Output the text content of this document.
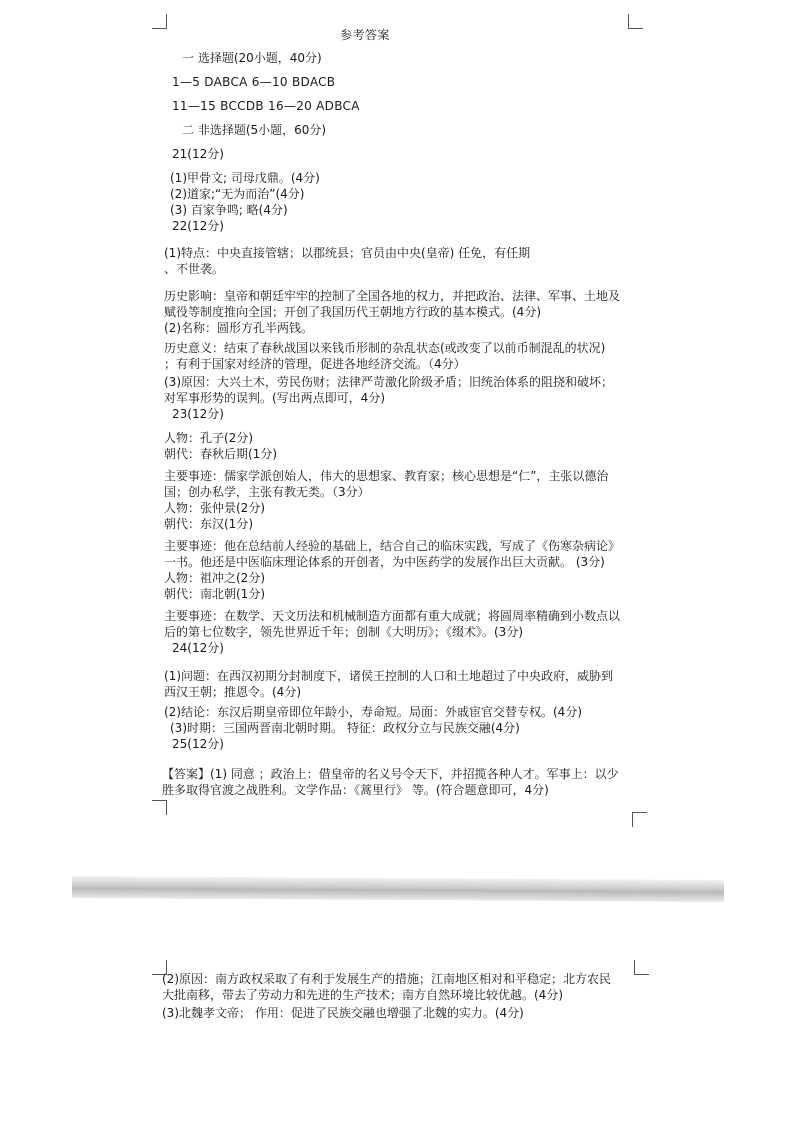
参考答案
一 选择题(20小题，40分)
1—5 DABCA 6—10 BDACB
11—15 BCCDB 16—20 ADBCA
二 非选择题(5小题，60分)
21(12分)
(1)甲骨文; 司母戊鼎。(4分)
(2)道家;“无为而治”(4分)
(3) 百家争鸣; 略(4分)
22(12分)
(1)特点：中央直接管辖；以郡统县；官员由中央(皇帝) 任免，有任期
、不世袭。
历史影响：皇帝和朝廷牢牢的控制了全国各地的权力，并把政治、法律、军事、土地及
赋役等制度推向全国；开创了我国历代王朝地方行政的基本模式。(4分)
(2)名称：圆形方孔半两钱。
历史意义：结束了春秋战国以来钱币形制的杂乱状态(或改变了以前币制混乱的状况)
；有利于国家对经济的管理，促进各地经济交流。（4分）
(3)原因：大兴土木，劳民伤财；法律严苛激化阶级矛盾；旧统治体系的阻挠和破坏；
对军事形势的误判。(写出两点即可，4分)
23(12分)
人物：孔子(2分)
朝代：春秋后期(1分)
主要事迹：儒家学派创始人，伟大的思想家、教育家；核心思想是“仁”，主张以德治
国；创办私学，主张有教无类。（3分）
人物：张仲景(2分)
朝代：东汉(1分)
主要事迹：他在总结前人经验的基础上，结合自己的临床实践，写成了《伤寒杂病论》
一书。他还是中医临床理论体系的开创者，为中医药学的发展作出巨大贡献。 (3分)
人物：祖冲之(2分)
朝代：南北朝(1分)
主要事迹：在数学、天文历法和机械制造方面都有重大成就；将圆周率精确到小数点以
后的第七位数字，领先世界近千年；创制《大明历》；《缀术》。(3分)
24(12分)
(1)问题：在西汉初期分封制度下，诸侯王控制的人口和土地超过了中央政府，威胁到
西汉王朝；推恩令。(4分)
(2)结论：东汉后期皇帝即位年龄小，寿命短。局面：外戚宦官交替专权。(4分)
(3)时期：三国两晋南北朝时期。 特征：政权分立与民族交融(4分)
25(12分)
【答案】(1) 同意 ；政治上：借皇帝的名义号令天下，并招揽各种人才。军事上：以少
胜多取得官渡之战胜利。文学作品：《蒿里行》 等。(符合题意即可，4分)
(2)原因：南方政权采取了有利于发展生产的措施；江南地区相对和平稳定；北方农民
大批南移，带去了劳动力和先进的生产技术；南方自然环境比较优越。(4分)
(3)北魏孝文帝； 作用：促进了民族交融也增强了北魏的实力。(4分)
